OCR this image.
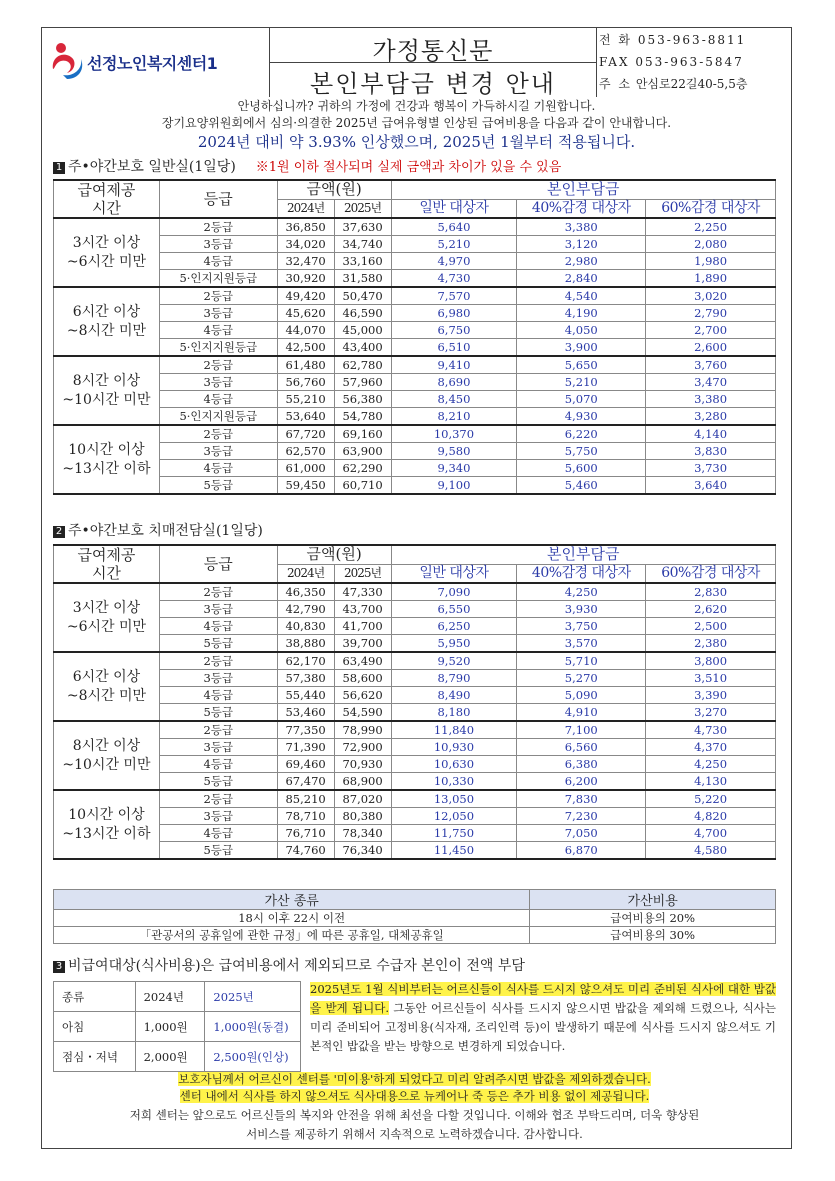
선정노인복지센터1	가정통신문
본인부담금 변경 안내
전 화 053-963-8811
FAX 053-963-5847
주 소 안심로22길40-5,5층
안녕하십니까? 귀하의 가정에 건강과 행복이 가득하시길 기원합니다.
장기요양위원회에서 심의·의결한 2025년 급여유형별 인상된 급여비용을 다음과 같이 안내합니다.
2024년 대비 약 3.93% 인상했으며, 2025년 1월부터 적용됩니다.
1 주•야간보호 일반실(1일당) ※1원 이하 절사되며 실제 금액과 차이가 있을 수 있음
급여제공 시간	등급	금액(원)		본인부담금		
		2024년	2025년	일반 대상자	40%감경 대상자	60%감경 대상자

3시간 이상
~6시간 미만	2등급	36,850	37,630	5,640	3,380	2,250
	3등급	34,020	34,740	5,210	3,120	2,080
	4등급	32,470	33,160	4,970	2,980	1,980
	5·인지지원등급	30,920	31,580	4,730	2,840	1,890

6시간 이상
~8시간 미만	2등급	49,420	50,470	7,570	4,540	3,020
	3등급	45,620	46,590	6,980	4,190	2,790
	4등급	44,070	45,000	6,750	4,050	2,700
	5·인지지원등급	42,500	43,400	6,510	3,900	2,600

8시간 이상
~10시간 미만	2등급	61,480	62,780	9,410	5,650	3,760
	3등급	56,760	57,960	8,690	5,210	3,470
	4등급	55,210	56,380	8,450	5,070	3,380
	5·인지지원등급	53,640	54,780	8,210	4,930	3,280

10시간 이상
~13시간 이하	2등급	67,720	69,160	10,370	6,220	4,140
	3등급	62,570	63,900	9,580	5,750	3,830
	4등급	61,000	62,290	9,340	5,600	3,730
	5등급	59,450	60,710	9,100	5,460	3,640
2 주•야간보호 치매전담실(1일당)
급여제공 시간	등급	금액(원)		본인부담금		
		2024년	2025년	일반 대상자	40%감경 대상자	60%감경 대상자

3시간 이상
~6시간 미만	2등급	46,350	47,330	7,090	4,250	2,830
	3등급	42,790	43,700	6,550	3,930	2,620
	4등급	40,830	41,700	6,250	3,750	2,500
	5등급	38,880	39,700	5,950	3,570	2,380

6시간 이상
~8시간 미만	2등급	62,170	63,490	9,520	5,710	3,800
	3등급	57,380	58,600	8,790	5,270	3,510
	4등급	55,440	56,620	8,490	5,090	3,390
	5등급	53,460	54,590	8,180	4,910	3,270

8시간 이상
~10시간 미만	2등급	77,350	78,990	11,840	7,100	4,730
	3등급	71,390	72,900	10,930	6,560	4,370
	4등급	69,460	70,930	10,630	6,380	4,250
	5등급	67,470	68,900	10,330	6,200	4,130

10시간 이상
~13시간 이하	2등급	85,210	87,020	13,050	7,830	5,220
	3등급	78,710	80,380	12,050	7,230	4,820
	4등급	76,710	78,340	11,750	7,050	4,700
	5등급	74,760	76,340	11,450	6,870	4,580
가산 종류	가산비용
18시 이후 22시 이전	급여비용의 20%
「관공서의 공휴일에 관한 규정」에 따른 공휴일, 대체공휴일	급여비용의 30%
3 비급여대상(식사비용)은 급여비용에서 제외되므로 수급자 본인이 전액 부담
종류	2024년	2025년
아침	1,000원	1,000원(동결)
점심・저녁	2,000원	2,500원(인상)
2025년도 1월 식비부터는 어르신들이 식사를 드시지 않으셔도 미리 준비된 식사에 대한 밥값을 받게 됩니다. 그동안 어르신들이 식사를 드시지 않으시면 밥값을 제외해 드렸으나, 식사는 미리 준비되어 고정비용(식자재, 조리인력 등)이 발생하기 때문에 식사를 드시지 않으셔도 기본적인 밥값을 받는 방향으로 변경하게 되었습니다.
보호자님께서 어르신이 센터를 '미이용'하게 되었다고 미리 알려주시면 밥값을 제외하겠습니다.
센터 내에서 식사를 하지 않으셔도 식사대용으로 뉴케어나 죽 등은 추가 비용 없이 제공됩니다.
저희 센터는 앞으로도 어르신들의 복지와 안전을 위해 최선을 다할 것입니다. 이해와 협조 부탁드리며, 더욱 향상된
서비스를 제공하기 위해서 지속적으로 노력하겠습니다. 감사합니다.
